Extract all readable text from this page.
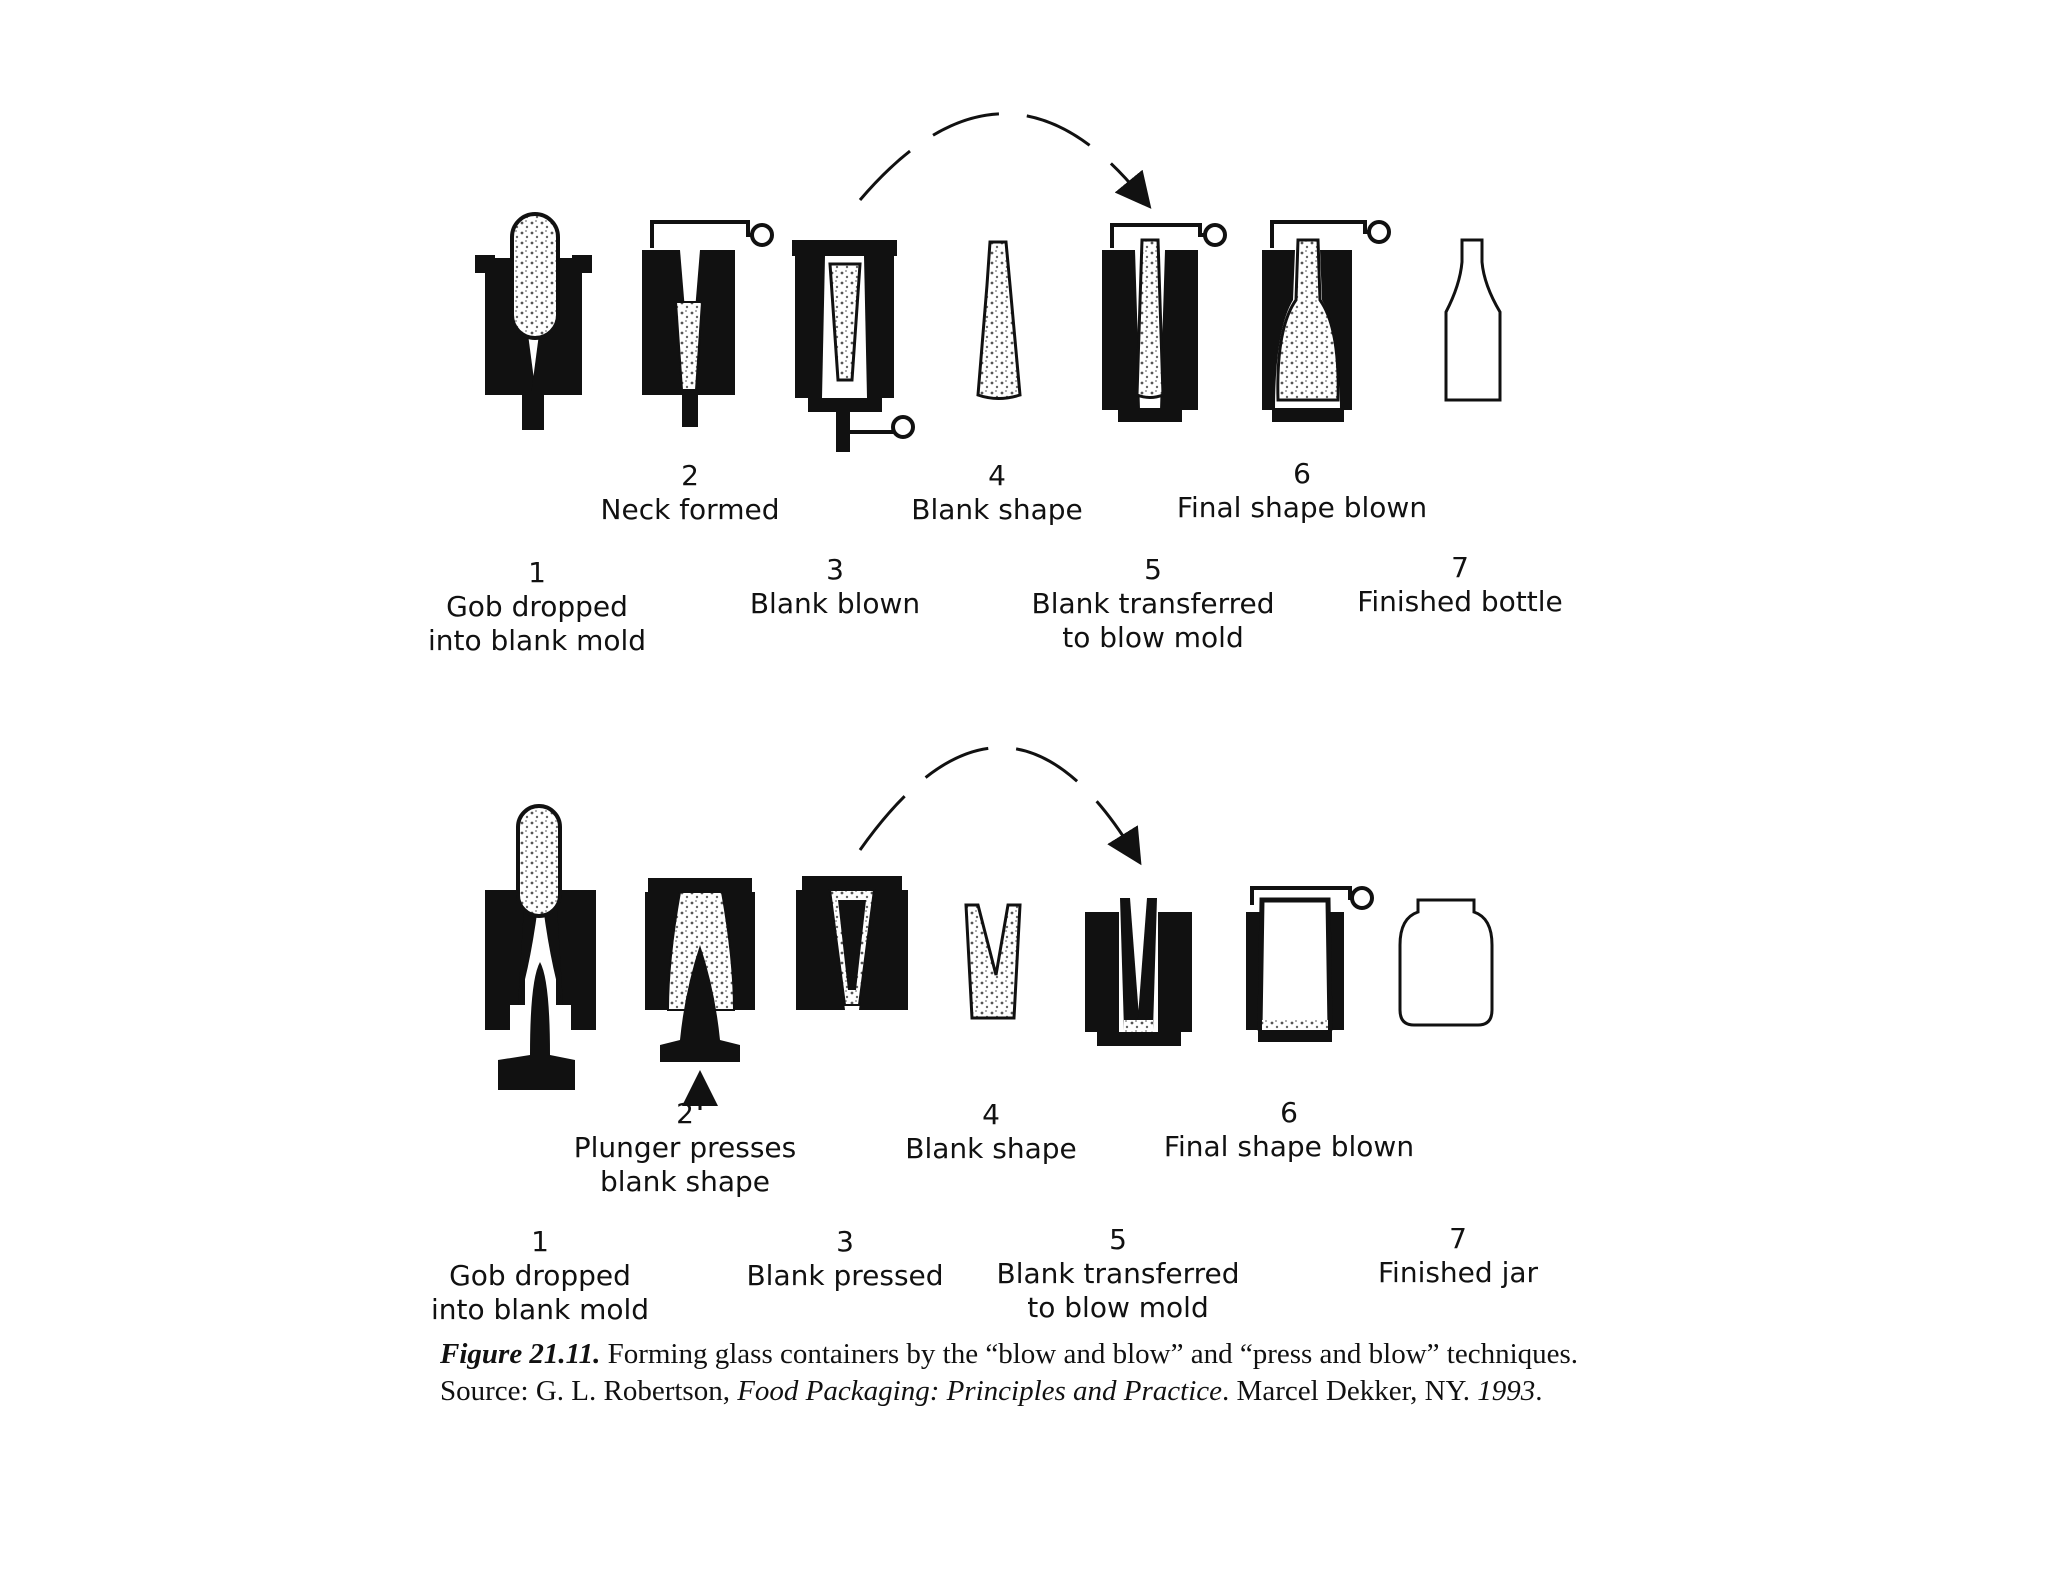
1
Gob dropped
into blank mold
2
Neck formed
3
Blank blown
4
Blank shape
5
Blank transferred
to blow mold
6
Final shape blown
7
Finished bottle
1
Gob dropped
into blank mold
2
Plunger presses
blank shape
3
Blank pressed
4
Blank shape
5
Blank transferred
to blow mold
6
Final shape blown
7
Finished jar
Figure 21.11. Forming glass containers by the “blow and blow” and “press and blow” techniques. Source: G. L. Robertson, Food Packaging: Principles and Practice. Marcel Dekker, NY. 1993.
